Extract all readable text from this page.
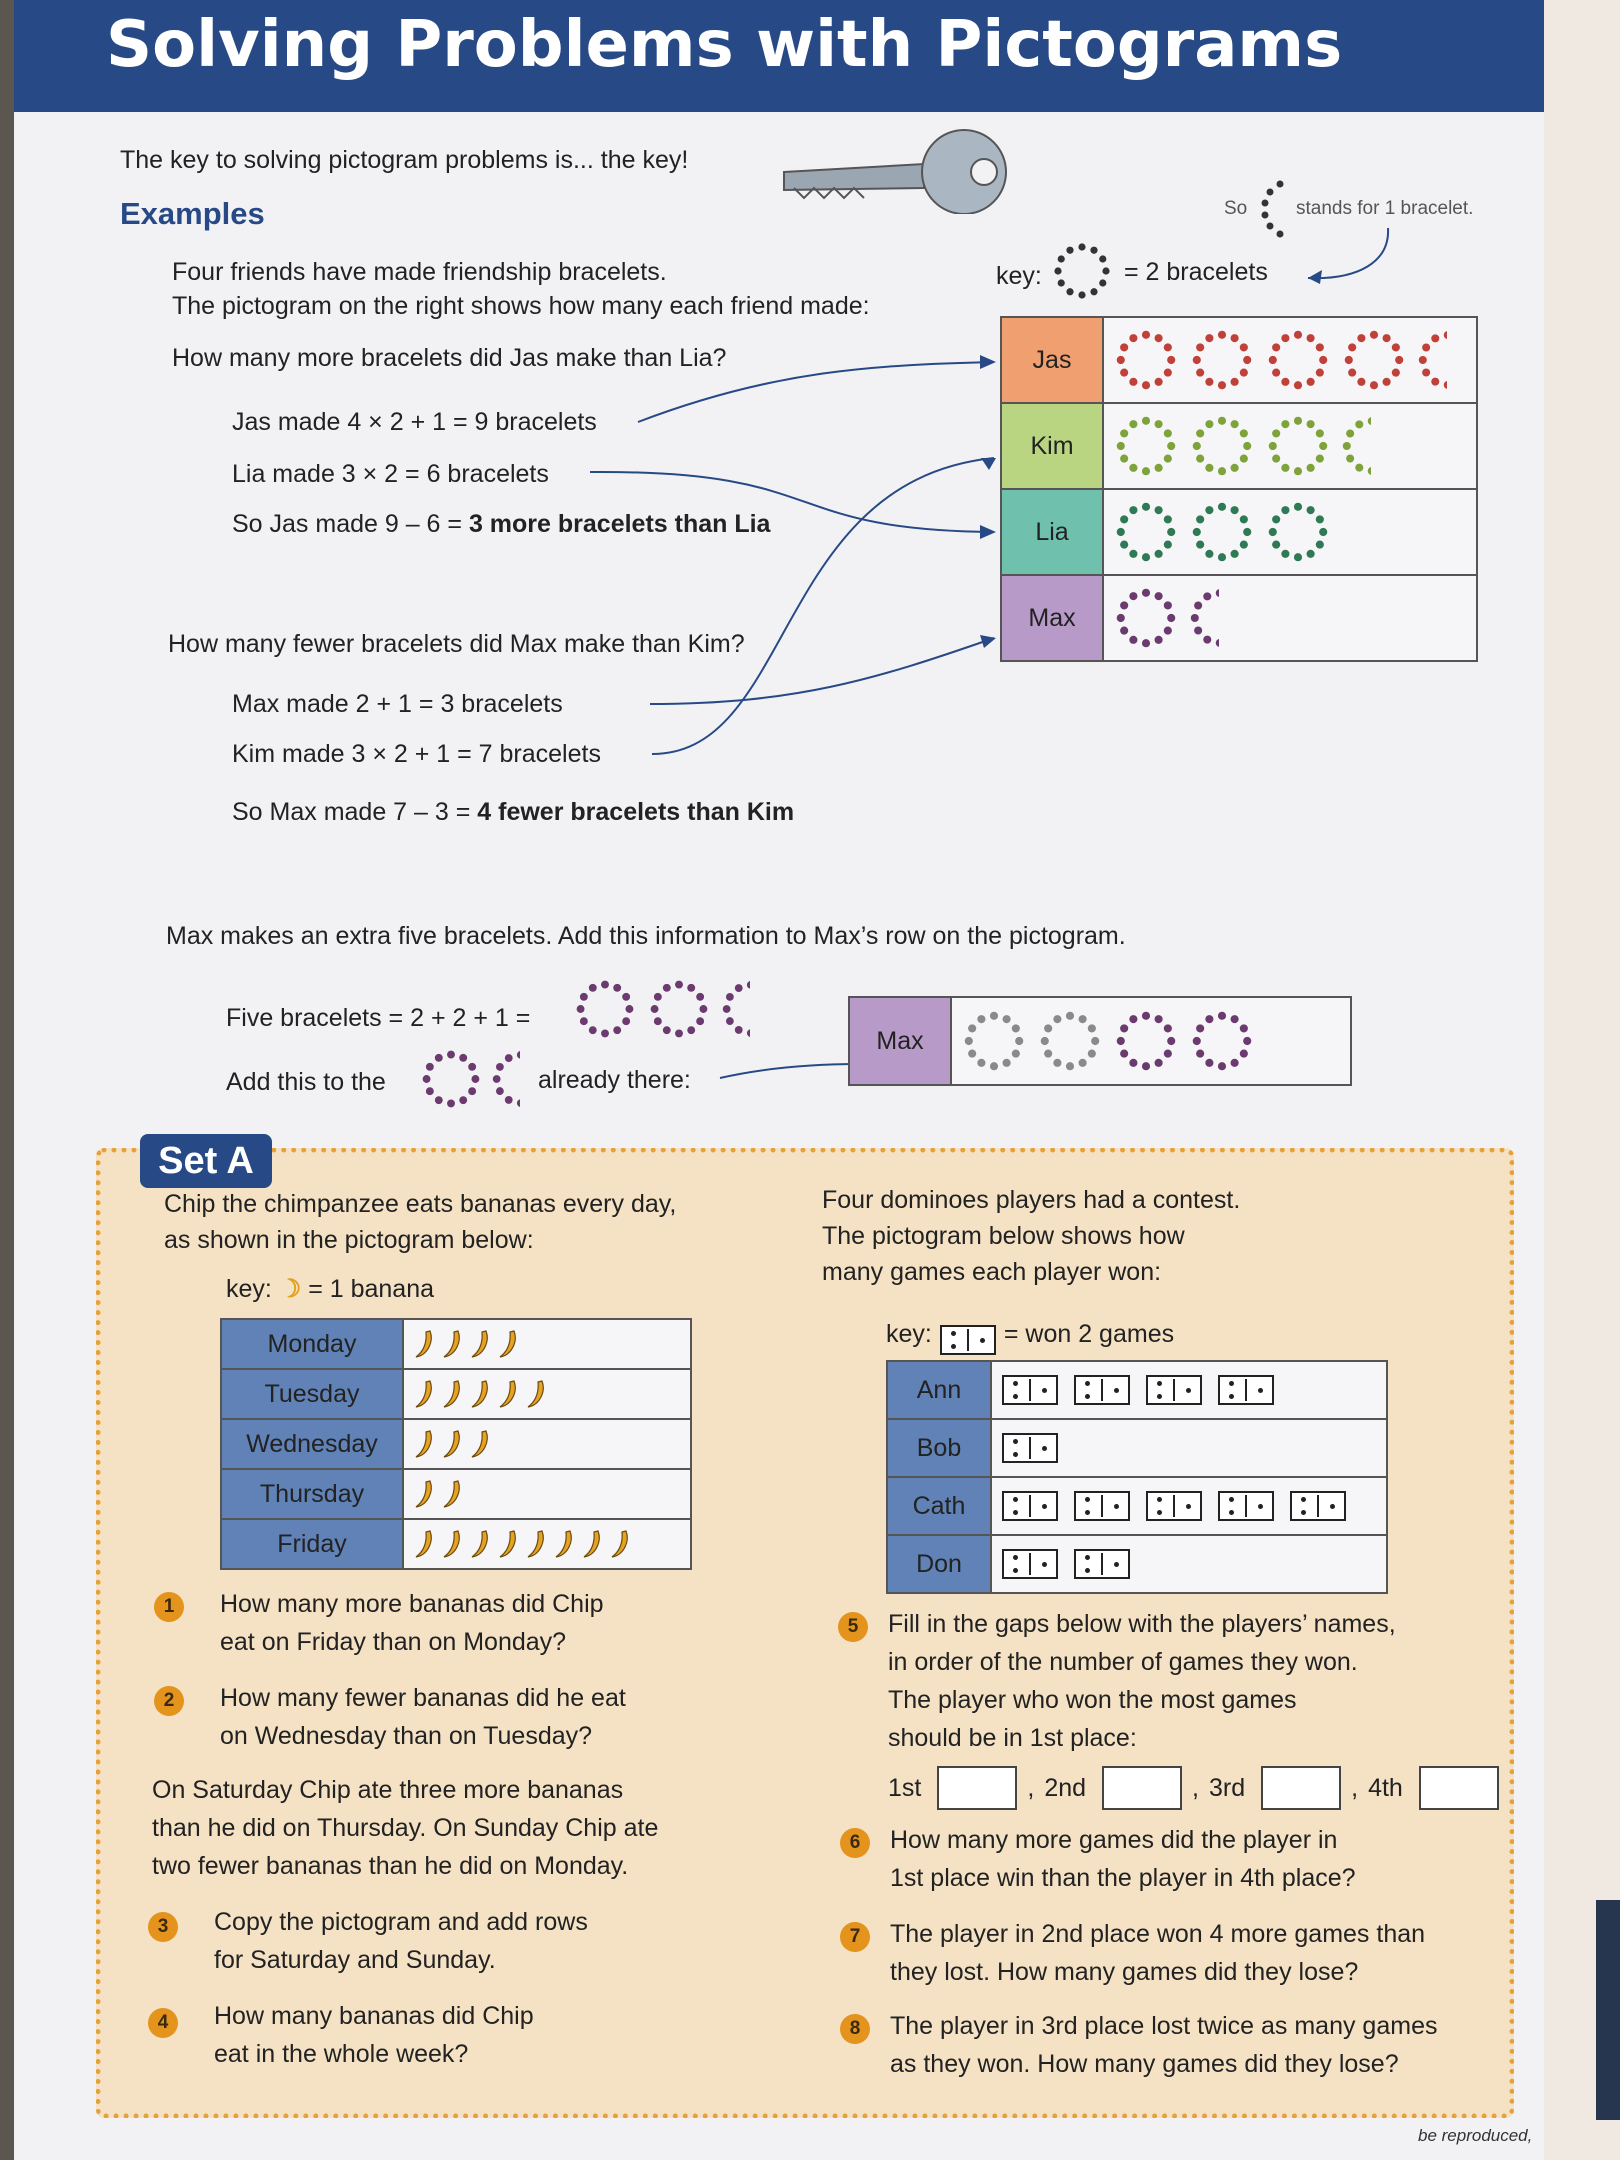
Solving Problems with Pictograms
The key to solving pictogram problems is... the key!
Examples	So	stands for 1 bracelet.
key:	= 2 bracelets
Four friends have made friendship bracelets.
The pictogram on the right shows how many each friend made:
How many more bracelets did Jas make than Lia?
Jas made 4 × 2 + 1 = 9 bracelets
Lia made 3 × 2 = 6 bracelets
So Jas made 9 – 6 = 3 more bracelets than Lia
How many fewer bracelets did Max make than Kim?
Max made 2 + 1 = 3 bracelets
Kim made 3 × 2 + 1 = 7 bracelets
So Max made 7 – 3 = 4 fewer bracelets than Kim
Jas
Kim
Lia
Max
Max makes an extra five bracelets. Add this information to Max’s row on the pictogram.
Five bracelets = 2 + 2 + 1 =
Add this to the	already there:
Max
Set A
Chip the chimpanzee eats bananas every day,
as shown in the pictogram below:
key: ☽ = 1 banana
Monday
Tuesday
Wednesday
Thursday
Friday
1	How many more bananas did Chip
eat on Friday than on Monday?
2	How many fewer bananas did he eat
on Wednesday than on Tuesday?
On Saturday Chip ate three more bananas
than he did on Thursday. On Sunday Chip ate
two fewer bananas than he did on Monday.
3	Copy the pictogram and add rows
for Saturday and Sunday.
4	How many bananas did Chip
eat in the whole week?
Four dominoes players had a contest.
The pictogram below shows how
many games each player won:
key:	= won 2 games
Ann
Bob
Cath
Don
5	Fill in the gaps below with the players’ names,
in order of the number of games they won.
The player who won the most games
should be in 1st place:
1st	, 2nd	, 3rd	, 4th
6	How many more games did the player in
1st place win than the player in 4th place?
7	The player in 2nd place won 4 more games than
they lost. How many games did they lose?
8	The player in 3rd place lost twice as many games
as they won. How many games did they lose?
be reproduced,
